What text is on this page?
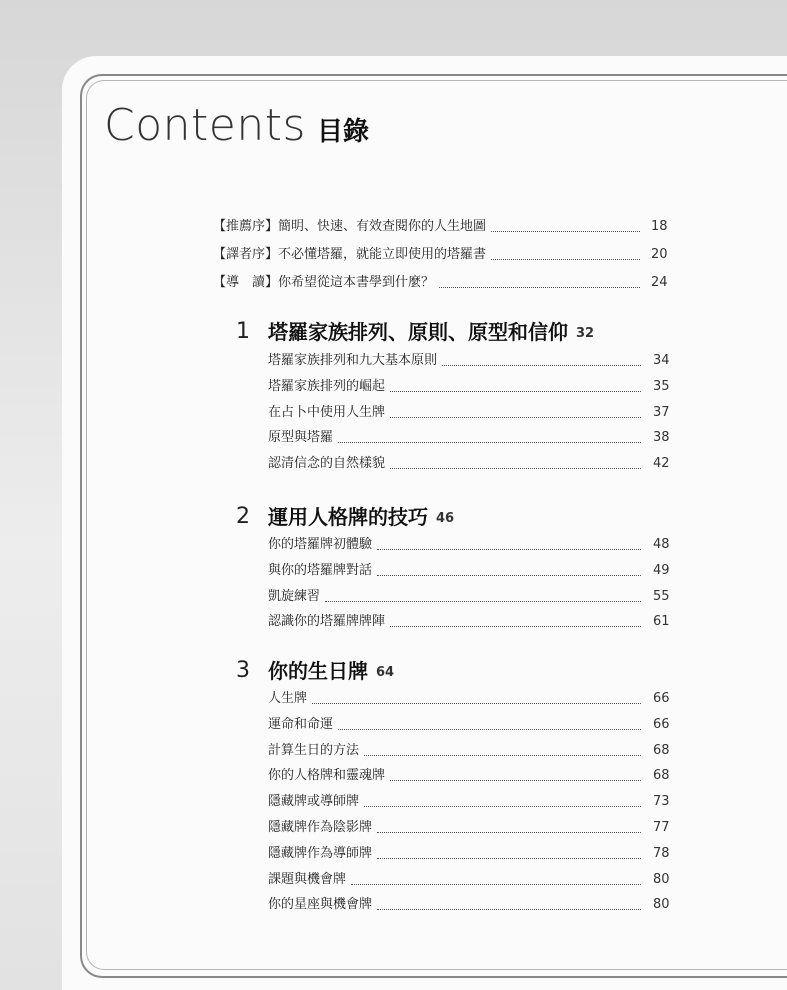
Contents 目錄
【推薦序】簡明、快速、有效查閱你的人生地圖	18
【譯者序】不必懂塔羅，就能立即使用的塔羅書	20
【導　讀】你希望從這本書學到什麼？	24
1 塔羅家族排列、原則、原型和信仰 32
塔羅家族排列和九大基本原則	34
塔羅家族排列的崛起	35
在占卜中使用人生牌	37
原型與塔羅	38
認清信念的自然樣貌	42
2 運用人格牌的技巧 46
你的塔羅牌初體驗	48
與你的塔羅牌對話	49
凱旋練習	55
認識你的塔羅牌牌陣	61
3 你的生日牌 64
人生牌	66
運命和命運	66
計算生日的方法	68
你的人格牌和靈魂牌	68
隱藏牌或導師牌	73
隱藏牌作為陰影牌	77
隱藏牌作為導師牌	78
課題與機會牌	80
你的星座與機會牌	80
